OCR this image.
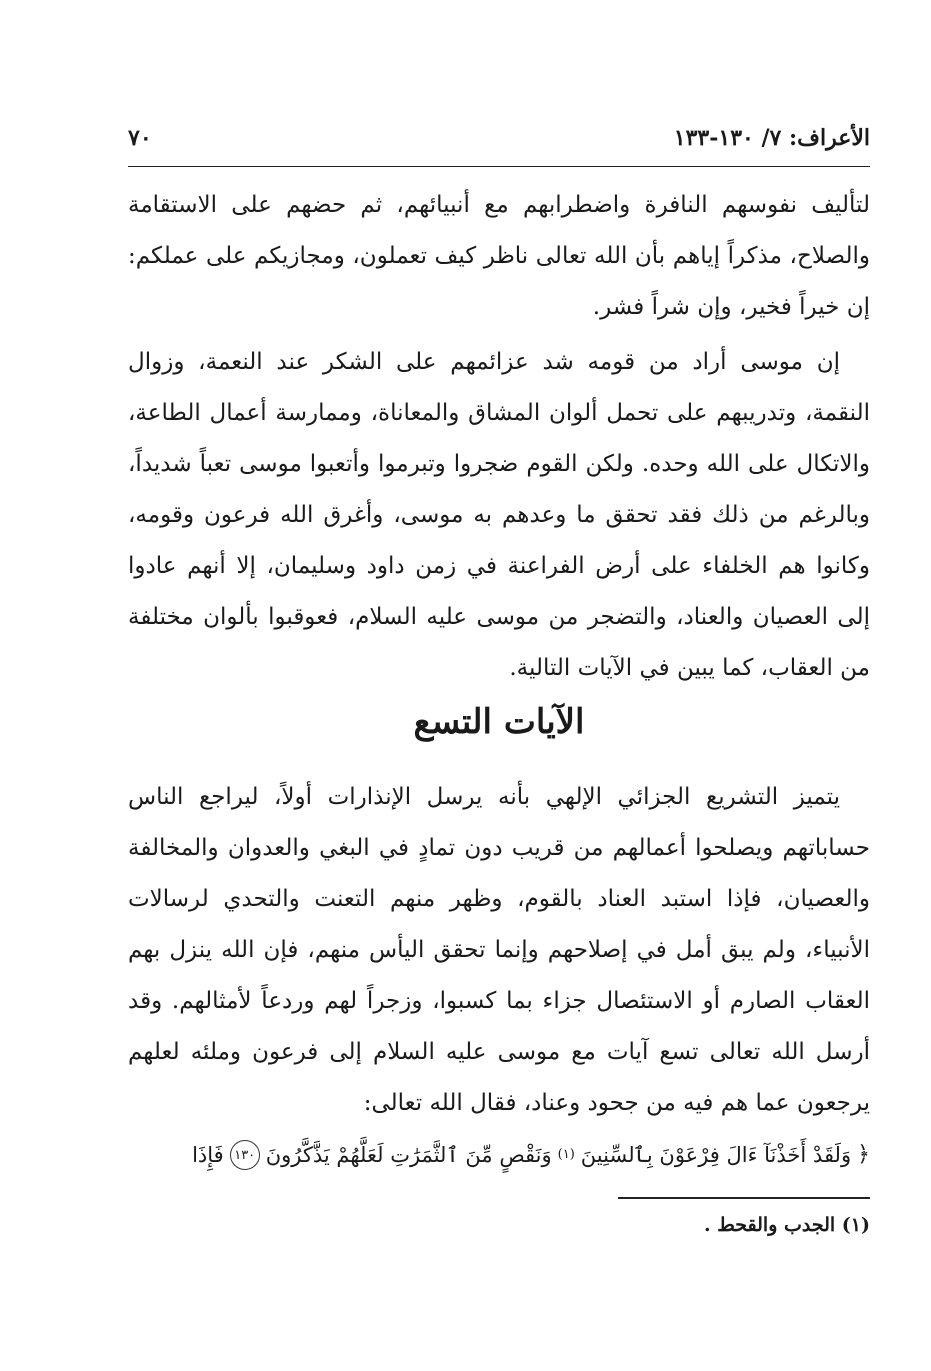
الأعراف: ٧/ ١٣٠-١٣٣
٧٠

لتأليف نفوسهم النافرة واضطرابهم مع أنبيائهم، ثم حضهم على الاستقامة والصلاح، مذكراً إياهم بأن الله تعالى ناظر كيف تعملون، ومجازيكم على عملكم: إن خيراً فخير، وإن شراً فشر.

إن موسى أراد من قومه شد عزائمهم على الشكر عند النعمة، وزوال النقمة، وتدريبهم على تحمل ألوان المشاق والمعاناة، وممارسة أعمال الطاعة، والاتكال على الله وحده. ولكن القوم ضجروا وتبرموا وأتعبوا موسى تعباً شديداً، وبالرغم من ذلك فقد تحقق ما وعدهم به موسى، وأغرق الله فرعون وقومه، وكانوا هم الخلفاء على أرض الفراعنة في زمن داود وسليمان، إلا أنهم عادوا إلى العصيان والعناد، والتضجر من موسى عليه السلام، فعوقبوا بألوان مختلفة من العقاب، كما يبين في الآيات التالية.

الآيات التسع

يتميز التشريع الجزائي الإلهي بأنه يرسل الإنذارات أولاً، ليراجع الناس حساباتهم ويصلحوا أعمالهم من قريب دون تمادٍ في البغي والعدوان والمخالفة والعصيان، فإذا استبد العناد بالقوم، وظهر منهم التعنت والتحدي لرسالات الأنبياء، ولم يبق أمل في إصلاحهم وإنما تحقق اليأس منهم، فإن الله ينزل بهم العقاب الصارم أو الاستئصال جزاء بما كسبوا، وزجراً لهم وردعاً لأمثالهم. وقد أرسل الله تعالى تسع آيات مع موسى عليه السلام إلى فرعون وملئه لعلهم يرجعون عما هم فيه من جحود وعناد، فقال الله تعالى:

﴿
وَلَقَدْ أَخَذْنَآ ءَالَ فِرْعَوْنَ بِٱلسِّنِينَ
(١)
وَنَقْصٍ مِّنَ ٱلثَّمَرَٰتِ لَعَلَّهُمْ يَذَّكَّرُونَ
١٣٠
فَإِذَا

(١) الجدب والقحط .
